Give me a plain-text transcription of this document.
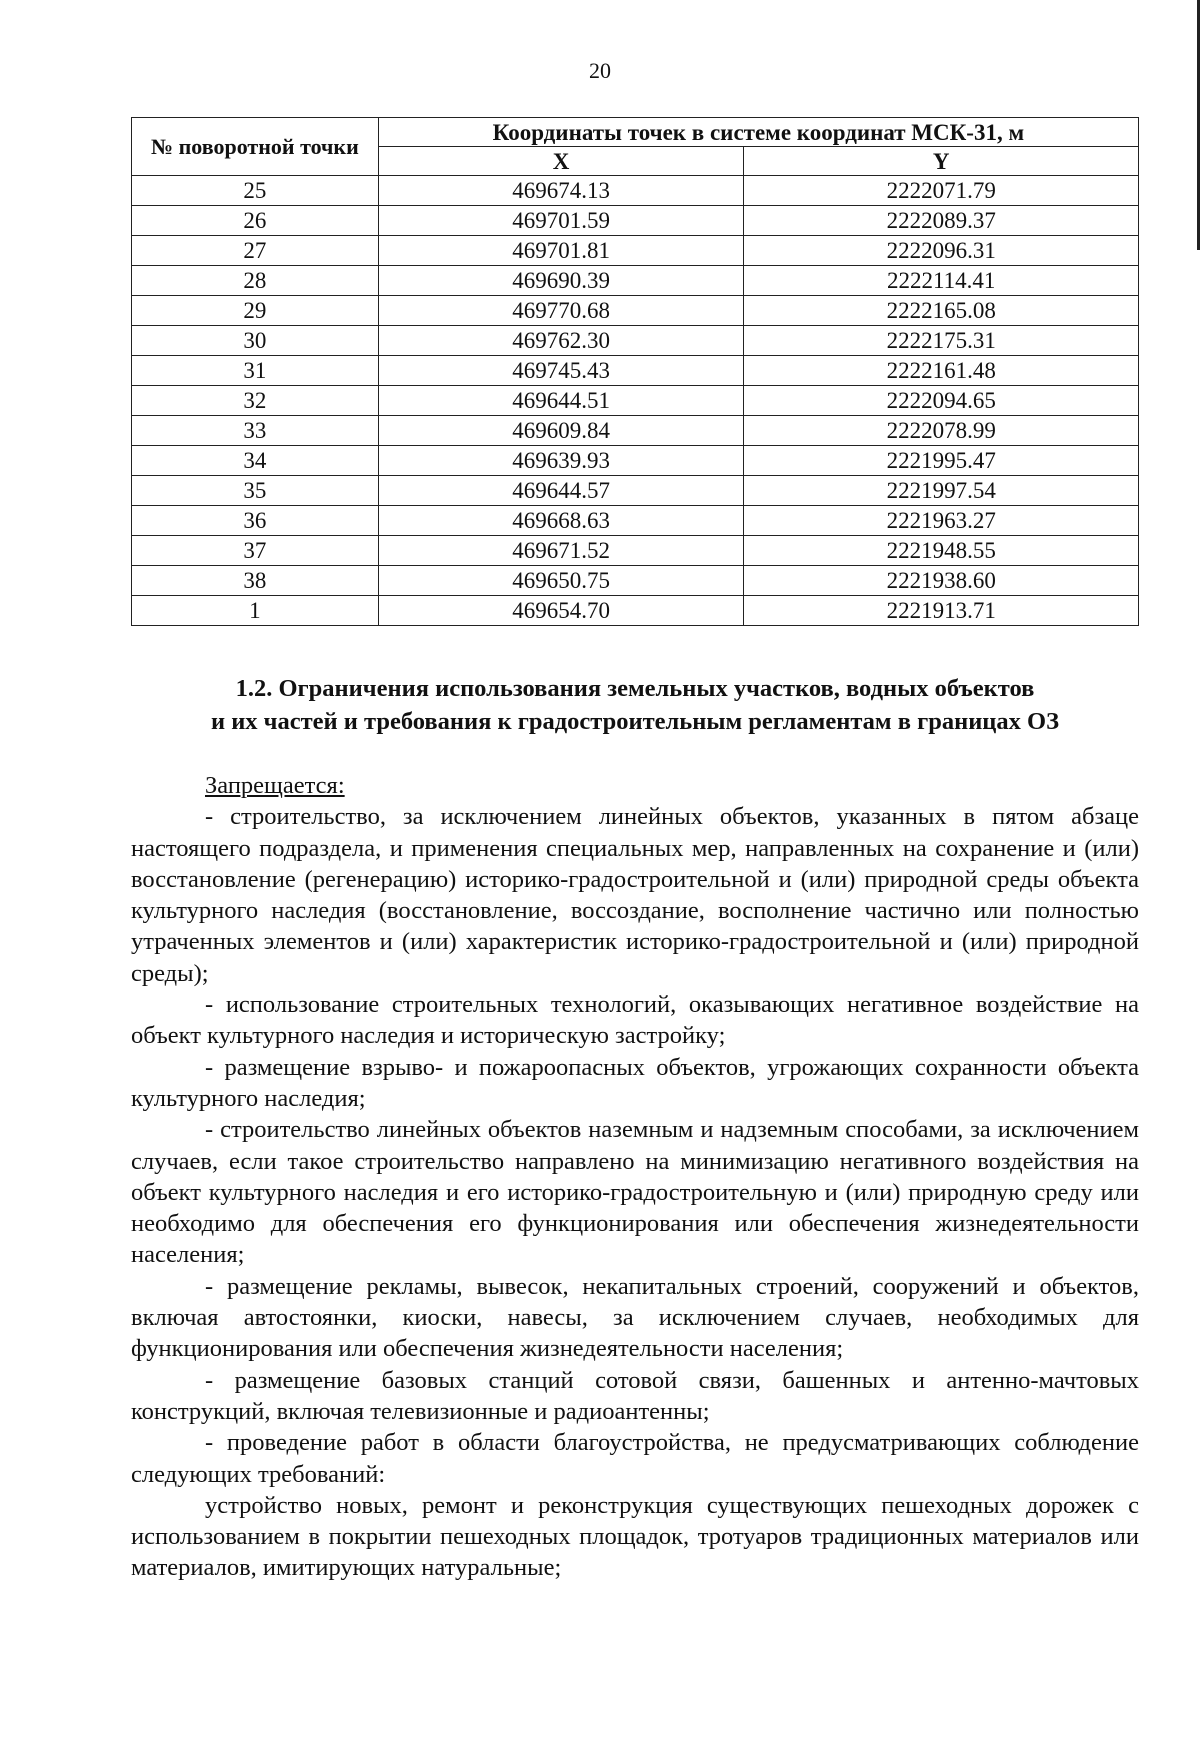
20
№ поворотной точки	Координаты точек в системе координат МСК-31, м	
	X	Y
25	469674.13	2222071.79
26	469701.59	2222089.37
27	469701.81	2222096.31
28	469690.39	2222114.41
29	469770.68	2222165.08
30	469762.30	2222175.31
31	469745.43	2222161.48
32	469644.51	2222094.65
33	469609.84	2222078.99
34	469639.93	2221995.47
35	469644.57	2221997.54
36	469668.63	2221963.27
37	469671.52	2221948.55
38	469650.75	2221938.60
1	469654.70	2221913.71
1.2. Ограничения использования земельных участков, водных объектов
и их частей и требования к градостроительным регламентам в границах ОЗ

Запрещается:

- строительство, за исключением линейных объектов, указанных в пятом абзаце настоящего подраздела, и применения специальных мер, направленных на сохранение и (или) восстановление (регенерацию) историко-градостроительной и (или) природной среды объекта культурного наследия (восстановление, воссоздание, восполнение частично или полностью утраченных элементов и (или) характеристик историко-градостроительной и (или) природной среды);

- использование строительных технологий, оказывающих негативное воздействие на объект культурного наследия и историческую застройку;

- размещение взрыво- и пожароопасных объектов, угрожающих сохранности объекта культурного наследия;

- строительство линейных объектов наземным и надземным способами, за исключением случаев, если такое строительство направлено на минимизацию негативного воздействия на объект культурного наследия и его историко-градостроительную и (или) природную среду или необходимо для обеспечения его функционирования или обеспечения жизнедеятельности населения;

- размещение рекламы, вывесок, некапитальных строений, сооружений и объектов, включая автостоянки, киоски, навесы, за исключением случаев, необходимых для функционирования или обеспечения жизнедеятельности населения;

- размещение базовых станций сотовой связи, башенных и антенно-мачтовых конструкций, включая телевизионные и радиоантенны;

- проведение работ в области благоустройства, не предусматривающих соблюдение следующих требований:

устройство новых, ремонт и реконструкция существующих пешеходных дорожек с использованием в покрытии пешеходных площадок, тротуаров традиционных материалов или материалов, имитирующих натуральные;
